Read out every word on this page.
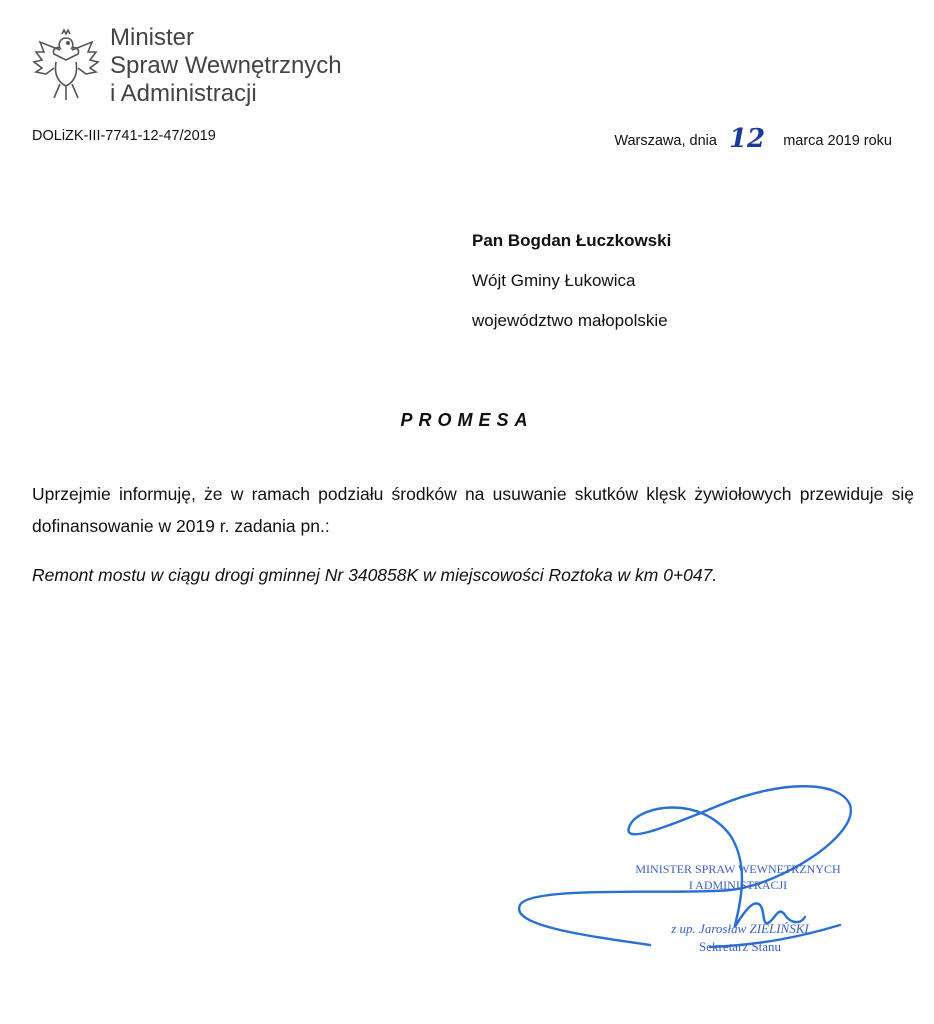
Minister
Spraw Wewnętrznych
i Administracji
DOLiZK-III-7741-12-47/2019	Warszawa, dnia 12 marca 2019 roku
Pan Bogdan Łuczkowski
Wójt Gminy Łukowica
województwo małopolskie
PROMESA
Uprzejmie informuję, że w ramach podziału środków na usuwanie skutków klęsk żywiołowych przewiduje się dofinansowanie w 2019 r. zadania pn.:
Remont mostu w ciągu drogi gminnej Nr 340858K w miejscowości Roztoka w km 0+047.
MINISTER SPRAW WEWNĘTRZNYCH
I ADMINISTRACJI
z up. Jarosław ZIELIŃSKI
Sekretarz Stanu
